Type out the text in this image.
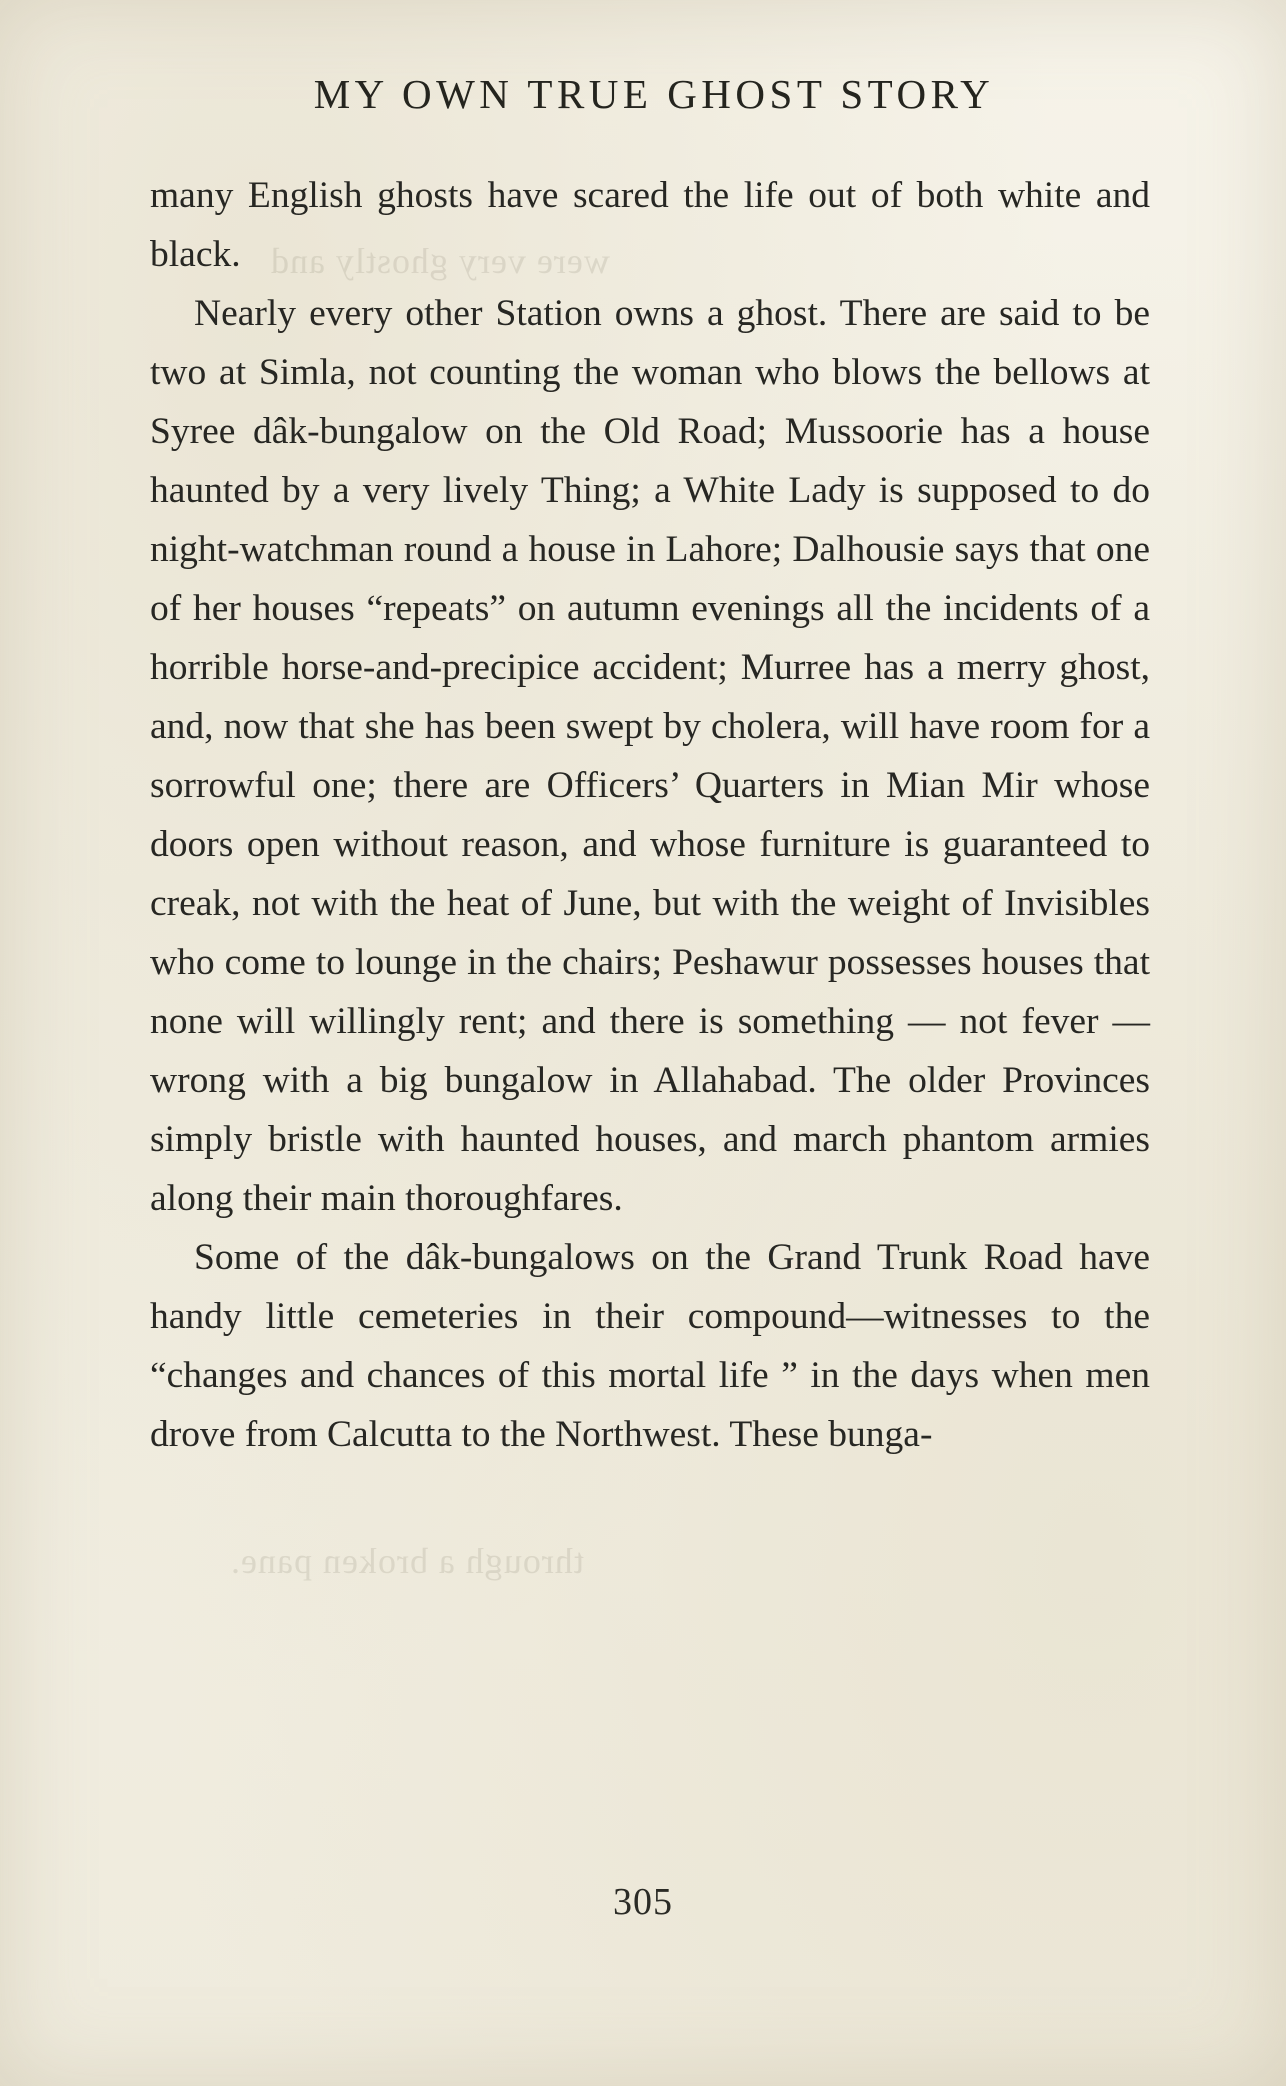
were very ghostly and
through a broken pane.
MY OWN TRUE GHOST STORY

many English ghosts have scared the life out of both white and black.

Nearly every other Station owns a ghost. There are said to be two at Simla, not counting the woman who blows the bellows at Syree dâk-bungalow on the Old Road; Mussoorie has a house haunted by a very lively Thing; a White Lady is supposed to do night-watchman round a house in Lahore; Dalhousie says that one of her houses “repeats” on autumn evenings all the incidents of a horrible horse-and-precipice accident; Murree has a merry ghost, and, now that she has been swept by cholera, will have room for a sorrowful one; there are Officers’ Quarters in Mian Mir whose doors open without reason, and whose furniture is guaranteed to creak, not with the heat of June, but with the weight of Invisibles who come to lounge in the chairs; Peshawur possesses houses that none will willingly rent; and there is something — not fever — wrong with a big bungalow in Allahabad. The older Provinces simply bristle with haunted houses, and march phantom armies along their main thoroughfares.

Some of the dâk-bungalows on the Grand Trunk Road have handy little cemeteries in their compound—witnesses to the “changes and chances of this mortal life ” in the days when men drove from Calcutta to the Northwest. These bunga-

305
